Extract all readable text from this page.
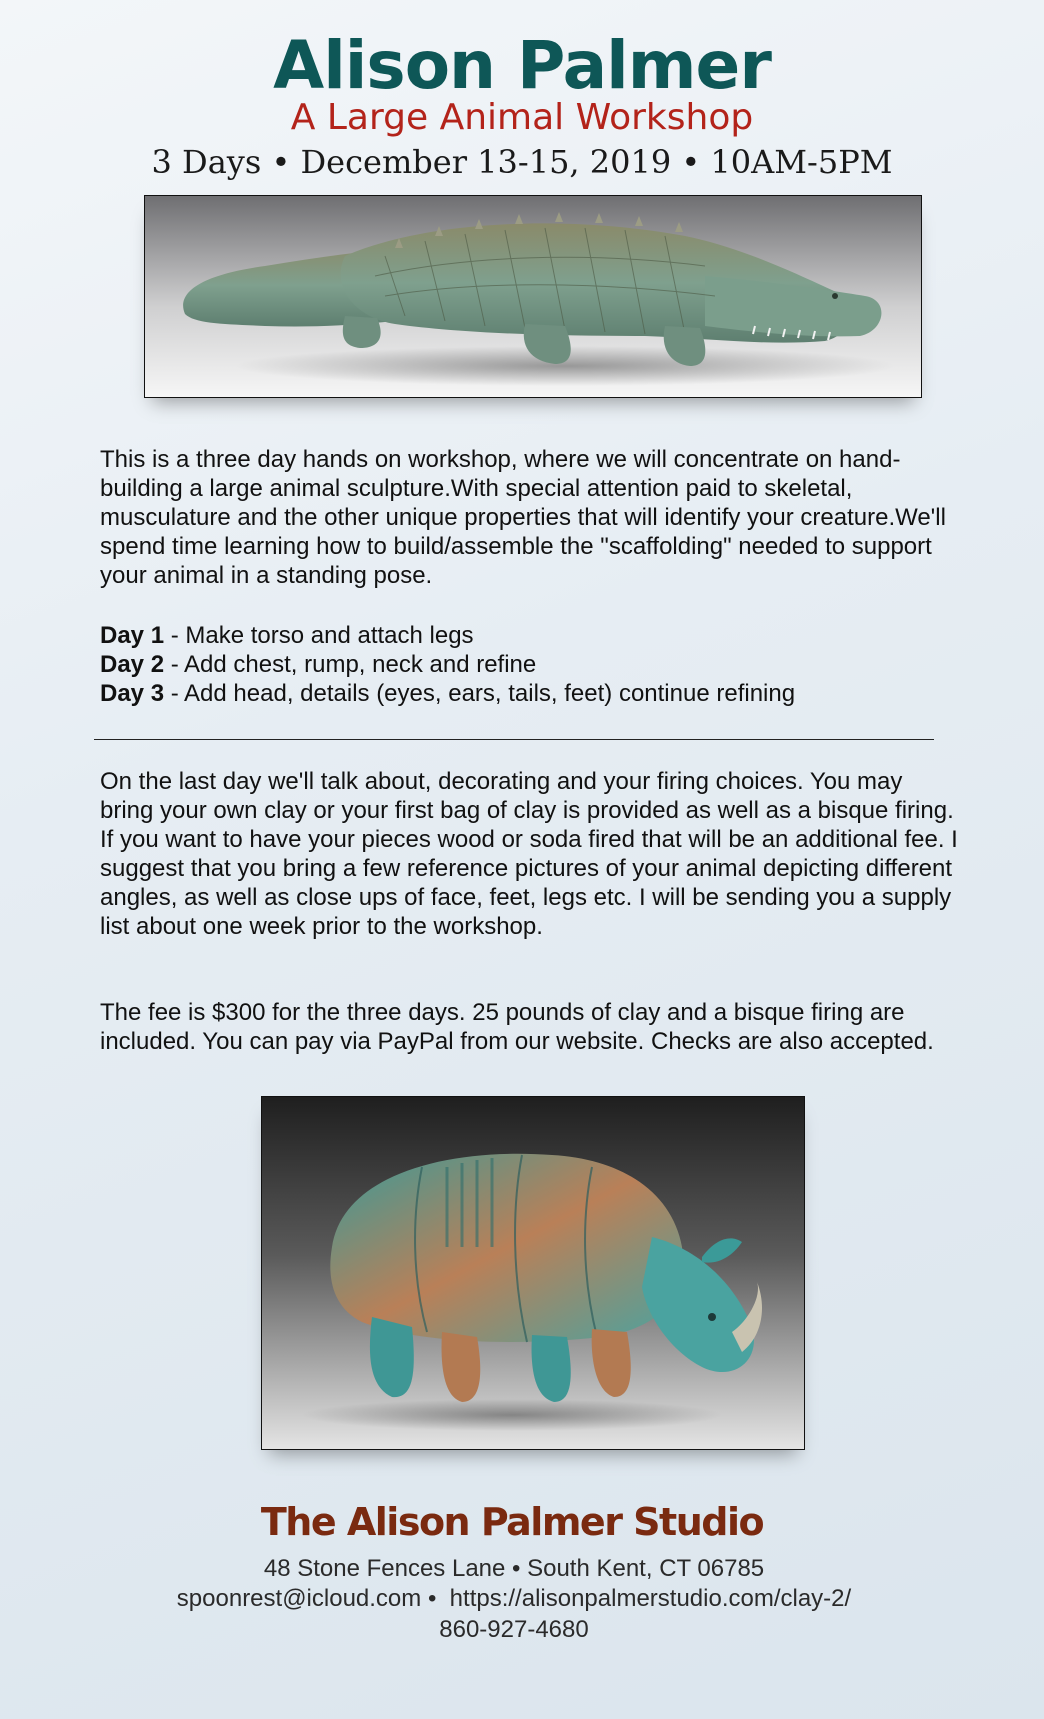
Alison Palmer
A Large Animal Workshop
3 Days • December 13-15, 2019 • 10AM-5PM
This is a three day hands on workshop, where we will concentrate on hand-building a large animal sculpture.With special attention paid to skeletal, musculature and the other unique properties that will identify your creature.We'll spend time learning how to build/assemble the "scaffolding" needed to support your animal in a standing pose.
Day 1 - Make torso and attach legs
Day 2 - Add chest, rump, neck and refine
Day 3 - Add head, details (eyes, ears, tails, feet) continue refining
On the last day we'll talk about, decorating and your firing choices. You may bring your own clay or your first bag of clay is provided as well as a bisque firing. If you want to have your pieces wood or soda fired that will be an additional fee. I suggest that you bring a few reference pictures of your animal depicting different angles, as well as close ups of face, feet, legs etc. I will be sending you a supply list about one week prior to the workshop.
The fee is $300 for the three days. 25 pounds of clay and a bisque firing are included. You can pay via PayPal from our website. Checks are also accepted.
The Alison Palmer Studio
48 Stone Fences Lane • South Kent, CT 06785
spoonrest@icloud.com •  https://alisonpalmerstudio.com/clay-2/
860-927-4680
